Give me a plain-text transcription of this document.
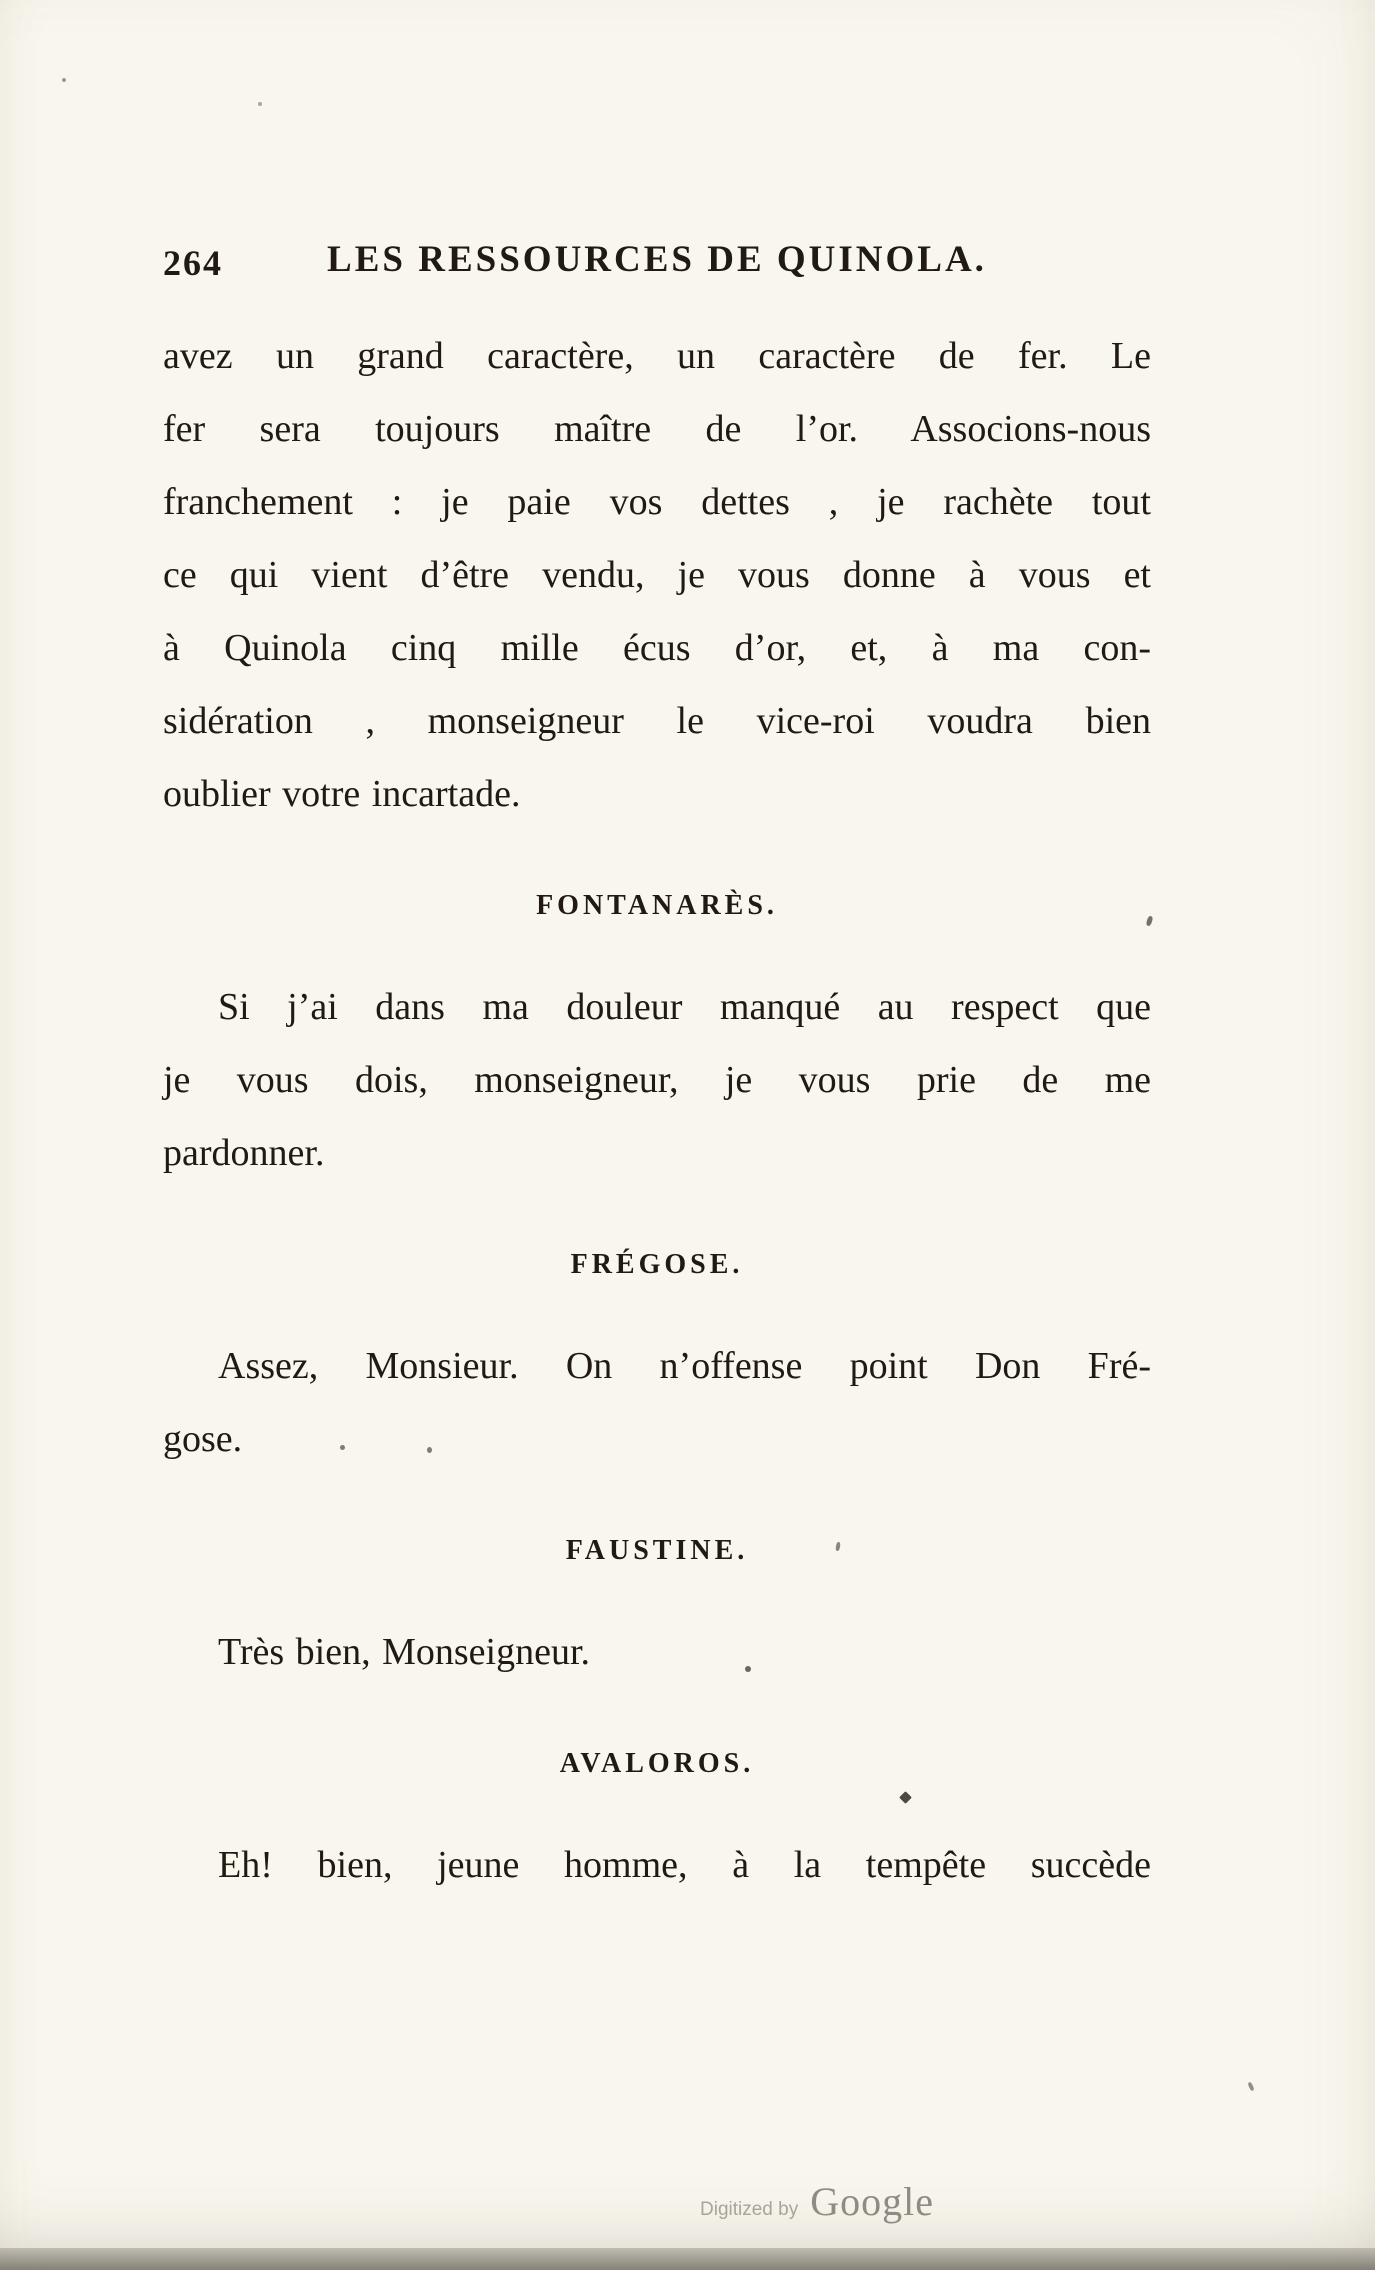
264	LES RESSOURCES DE QUINOLA.
avez un grand caractère, un caractère de fer. Le
fer sera toujours maître de l’or. Associons-nous
franchement : je paie vos dettes , je rachète tout
ce qui vient d’être vendu, je vous donne à vous et
à Quinola cinq mille écus d’or, et, à ma con-
sidération , monseigneur le vice-roi voudra bien
oublier votre incartade.
FONTANARÈS.
Si j’ai dans ma douleur manqué au respect que
je vous dois, monseigneur, je vous prie de me
pardonner.
FRÉGOSE.
Assez, Monsieur. On n’offense point Don Fré-
gose.
FAUSTINE.
Très bien, Monseigneur.
AVALOROS.
Eh! bien, jeune homme, à la tempête succède
Digitized by Google
